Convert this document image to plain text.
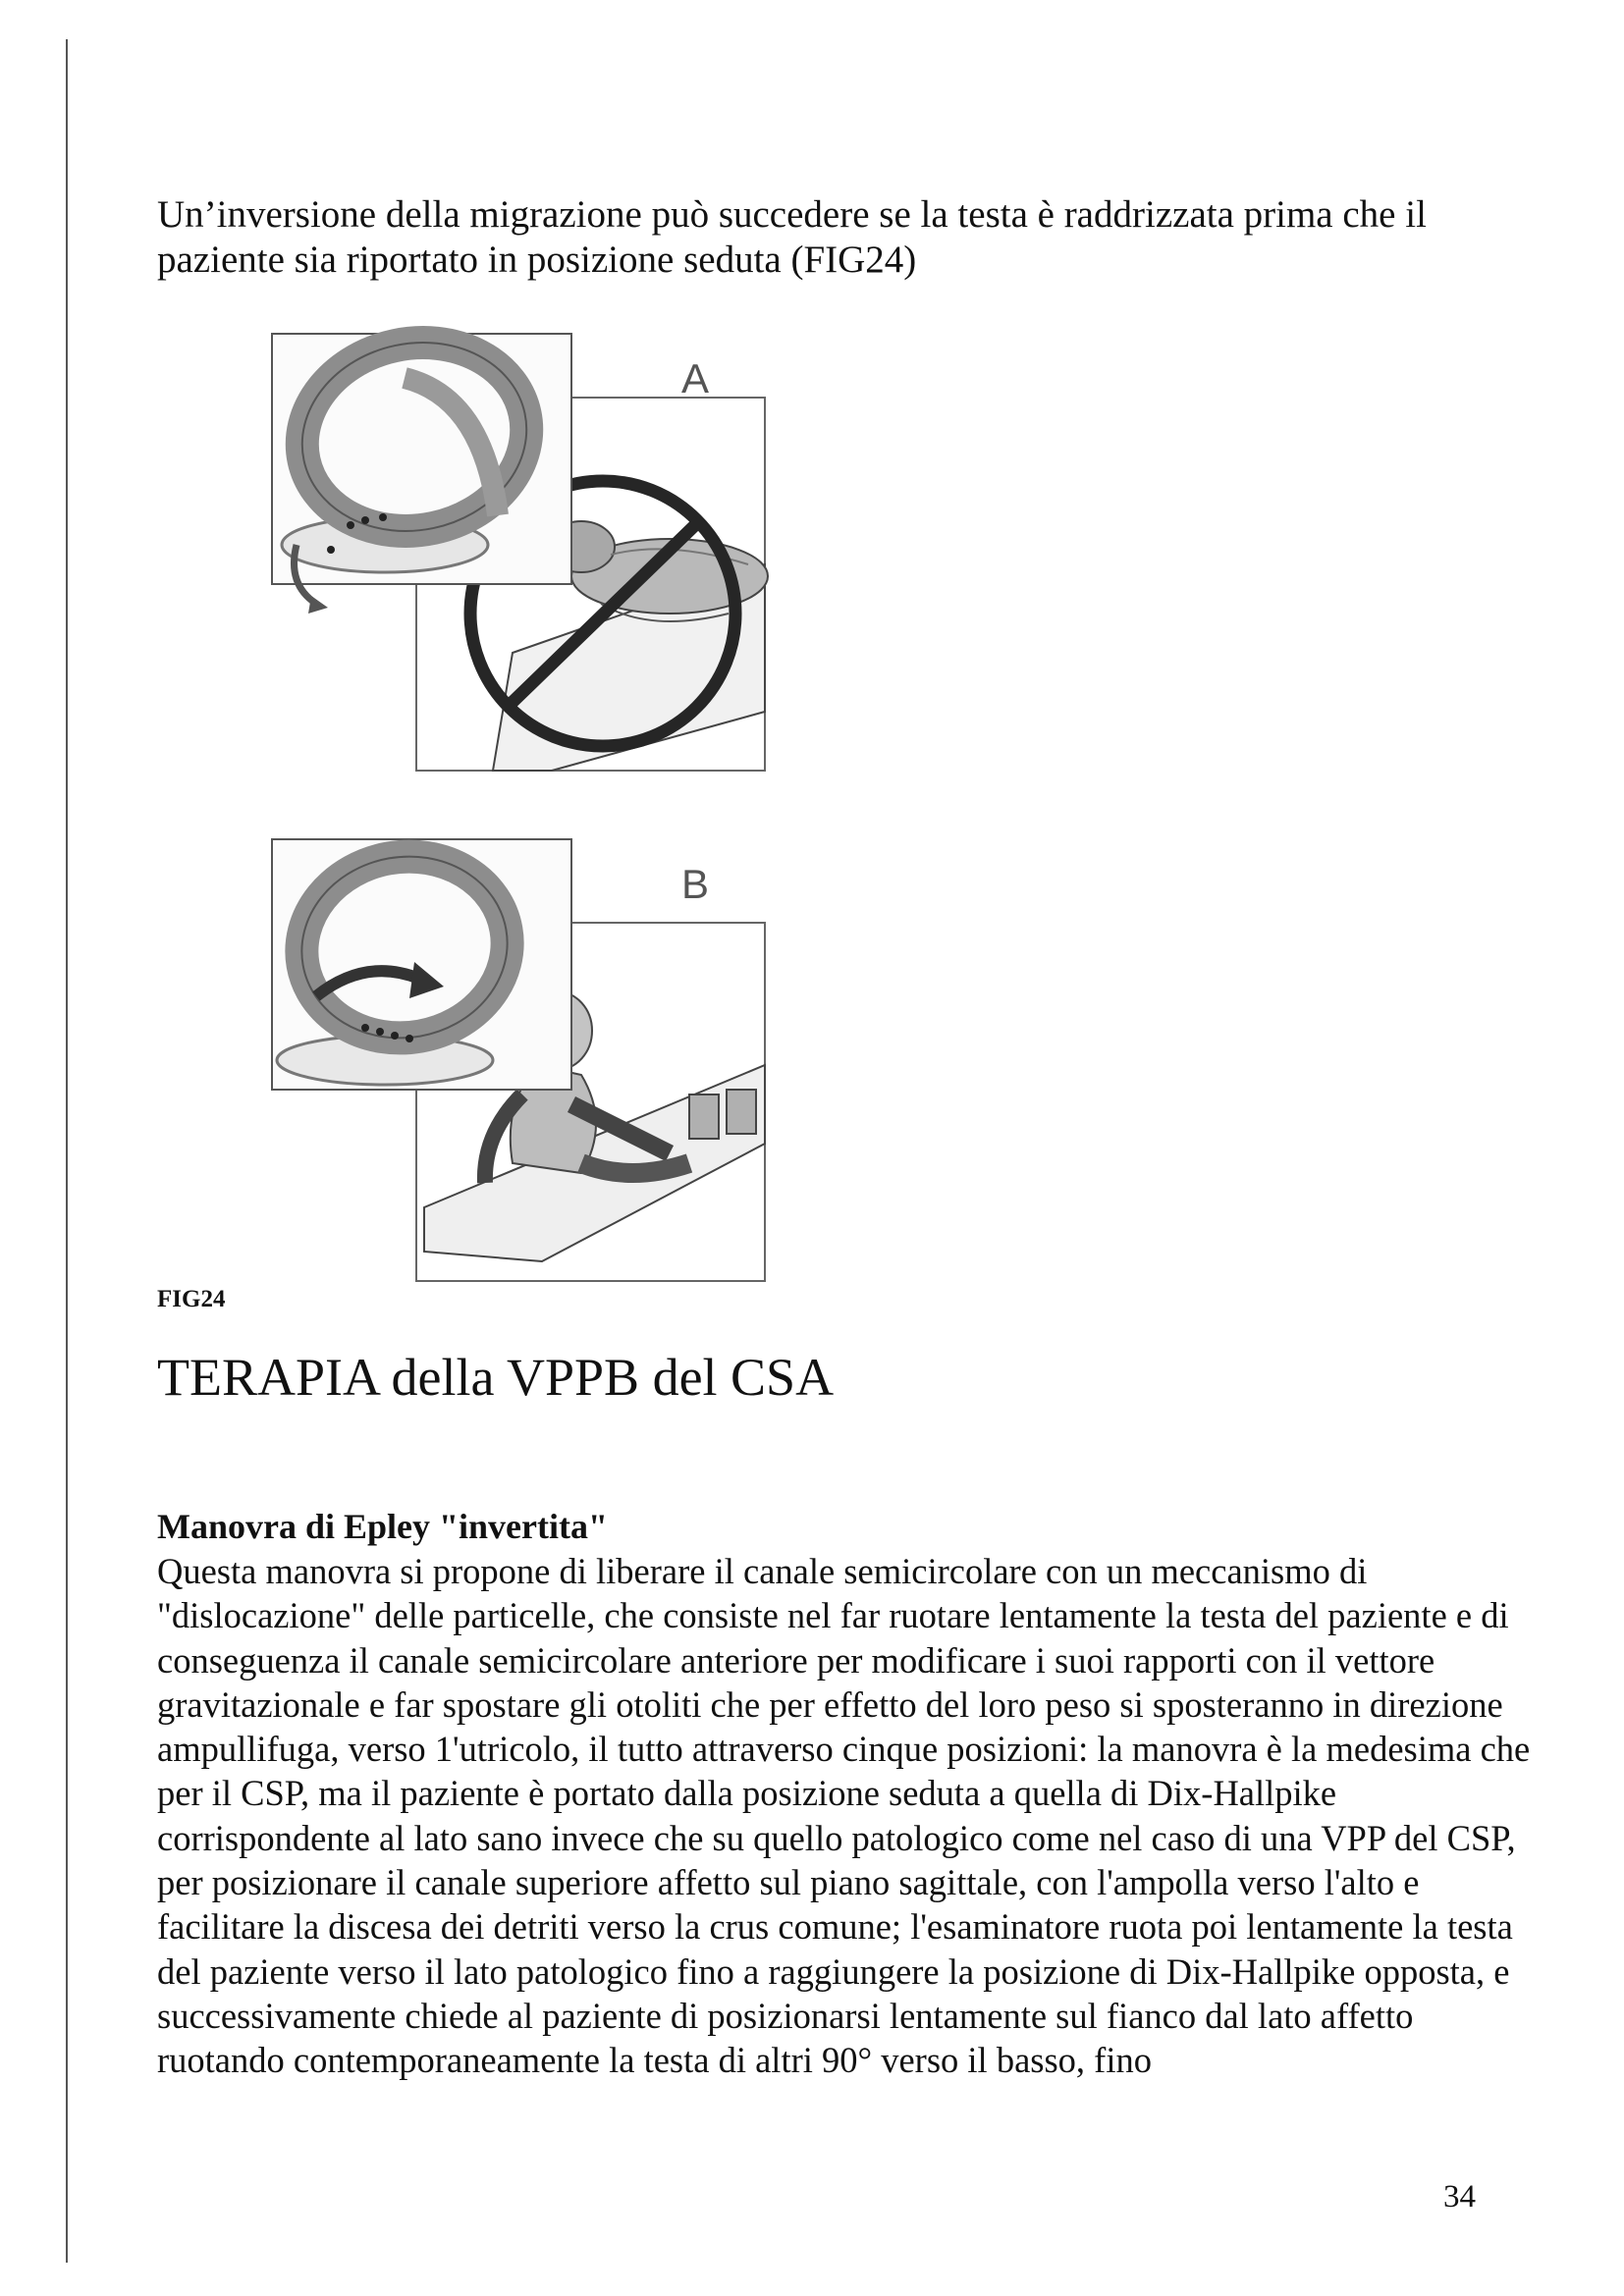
Un’inversione della migrazione può succedere se la testa è raddrizzata prima che il paziente sia riportato in posizione seduta (FIG24)

A
B

FIG24

TERAPIA della VPPB del CSA
Manovra di Epley "invertita"

Questa manovra si propone di liberare il canale semicircolare con un meccanismo di "dislocazione" delle particelle, che consiste nel far ruotare lentamente la testa del paziente e di conseguenza il canale semicircolare anteriore per modificare i suoi rapporti con il vettore gravitazionale e far spostare gli otoliti che per effetto del loro peso si sposteranno in direzione ampullifuga, verso 1'utricolo, il tutto attraverso cinque posizioni: la manovra è la medesima che per il CSP, ma il paziente è portato dalla posizione seduta a quella di Dix-Hallpike corrispondente al lato sano invece che su quello patologico come nel caso di una VPP del CSP, per posizionare il canale superiore affetto sul piano sagittale, con l'ampolla verso l'alto e facilitare la discesa dei detriti verso la crus comune; l'esaminatore ruota poi lentamente la testa del paziente verso il lato patologico fino a raggiungere la posizione di Dix-Hallpike opposta, e successivamente chiede al paziente di posizionarsi lentamente sul fianco dal lato affetto ruotando contemporaneamente la testa di altri 90° verso il basso, fino

34
